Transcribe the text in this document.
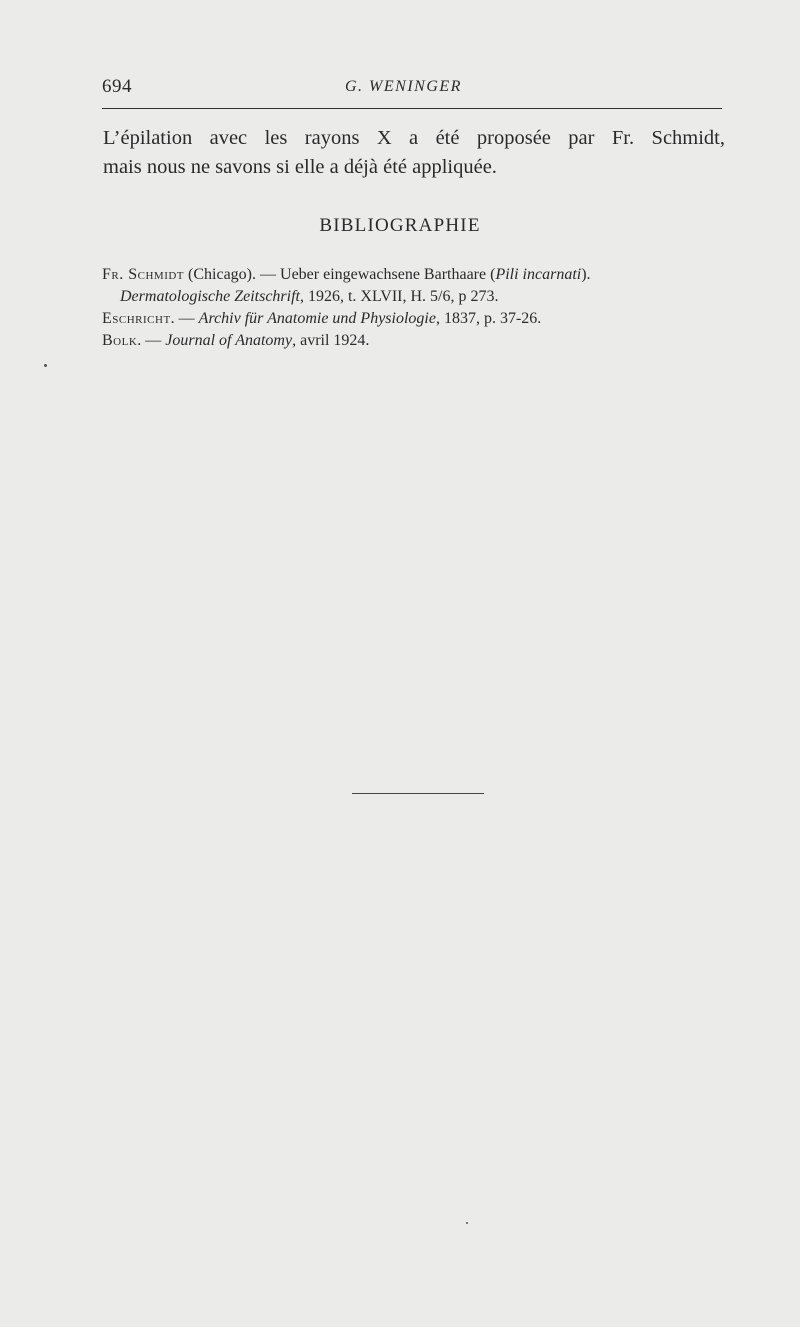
694	G. WENINGER
L’épilation avec les rayons X a été proposée par Fr. Schmidt,
mais nous ne savons si elle a déjà été appliquée.
BIBLIOGRAPHIE
Fr. Schmidt (Chicago). — Ueber eingewachsene Barthaare (Pili incarnati).
Dermatologische Zeitschrift, 1926, t. XLVII, H. 5/6, p 273.
Eschricht. — Archiv für Anatomie und Physiologie, 1837, p. 37-26.
Bolk. — Journal of Anatomy, avril 1924.
